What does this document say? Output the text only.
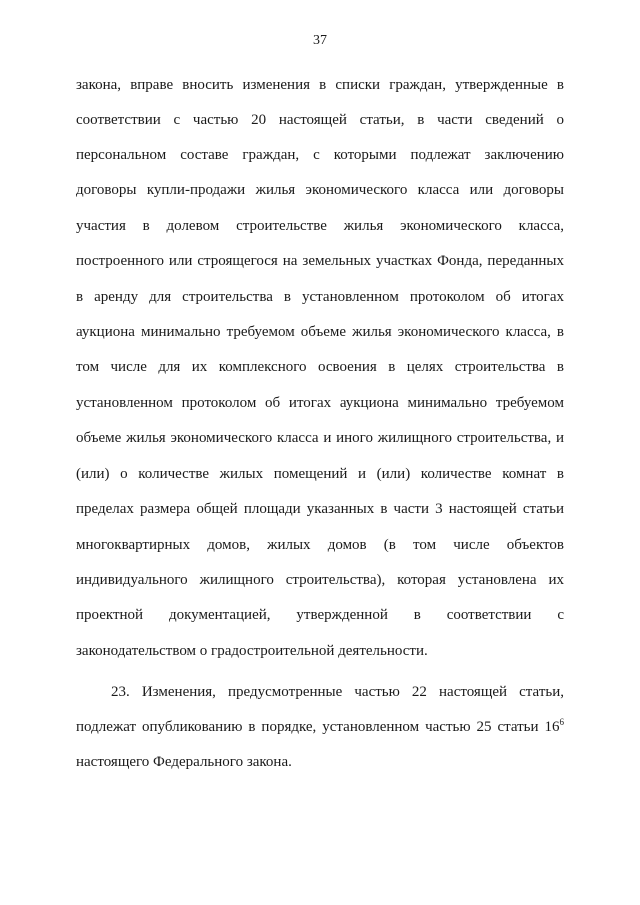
37
закона, вправе вносить изменения в списки граждан, утвержденные в
соответствии с частью 20 настоящей статьи, в части сведений о
персональном составе граждан, с которыми подлежат заключению
договоры купли-продажи жилья экономического класса или договоры
участия в долевом строительстве жилья экономического класса,
построенного или строящегося на земельных участках Фонда, переданных
в аренду для строительства в установленном протоколом об итогах
аукциона минимально требуемом объеме жилья экономического класса, в
том числе для их комплексного освоения в целях строительства в
установленном протоколом об итогах аукциона минимально требуемом
объеме жилья экономического класса и иного жилищного строительства, и
(или) о количестве жилых помещений и (или) количестве комнат в
пределах размера общей площади указанных в части 3 настоящей статьи
многоквартирных домов, жилых домов (в том числе объектов
индивидуального жилищного строительства), которая установлена их
проектной документацией, утвержденной в соответствии с
законодательством о градостроительной деятельности.
23. Изменения, предусмотренные частью 22 настоящей статьи,
подлежат опубликованию в порядке, установленном частью 25 статьи $16^6$
настоящего Федерального закона.
